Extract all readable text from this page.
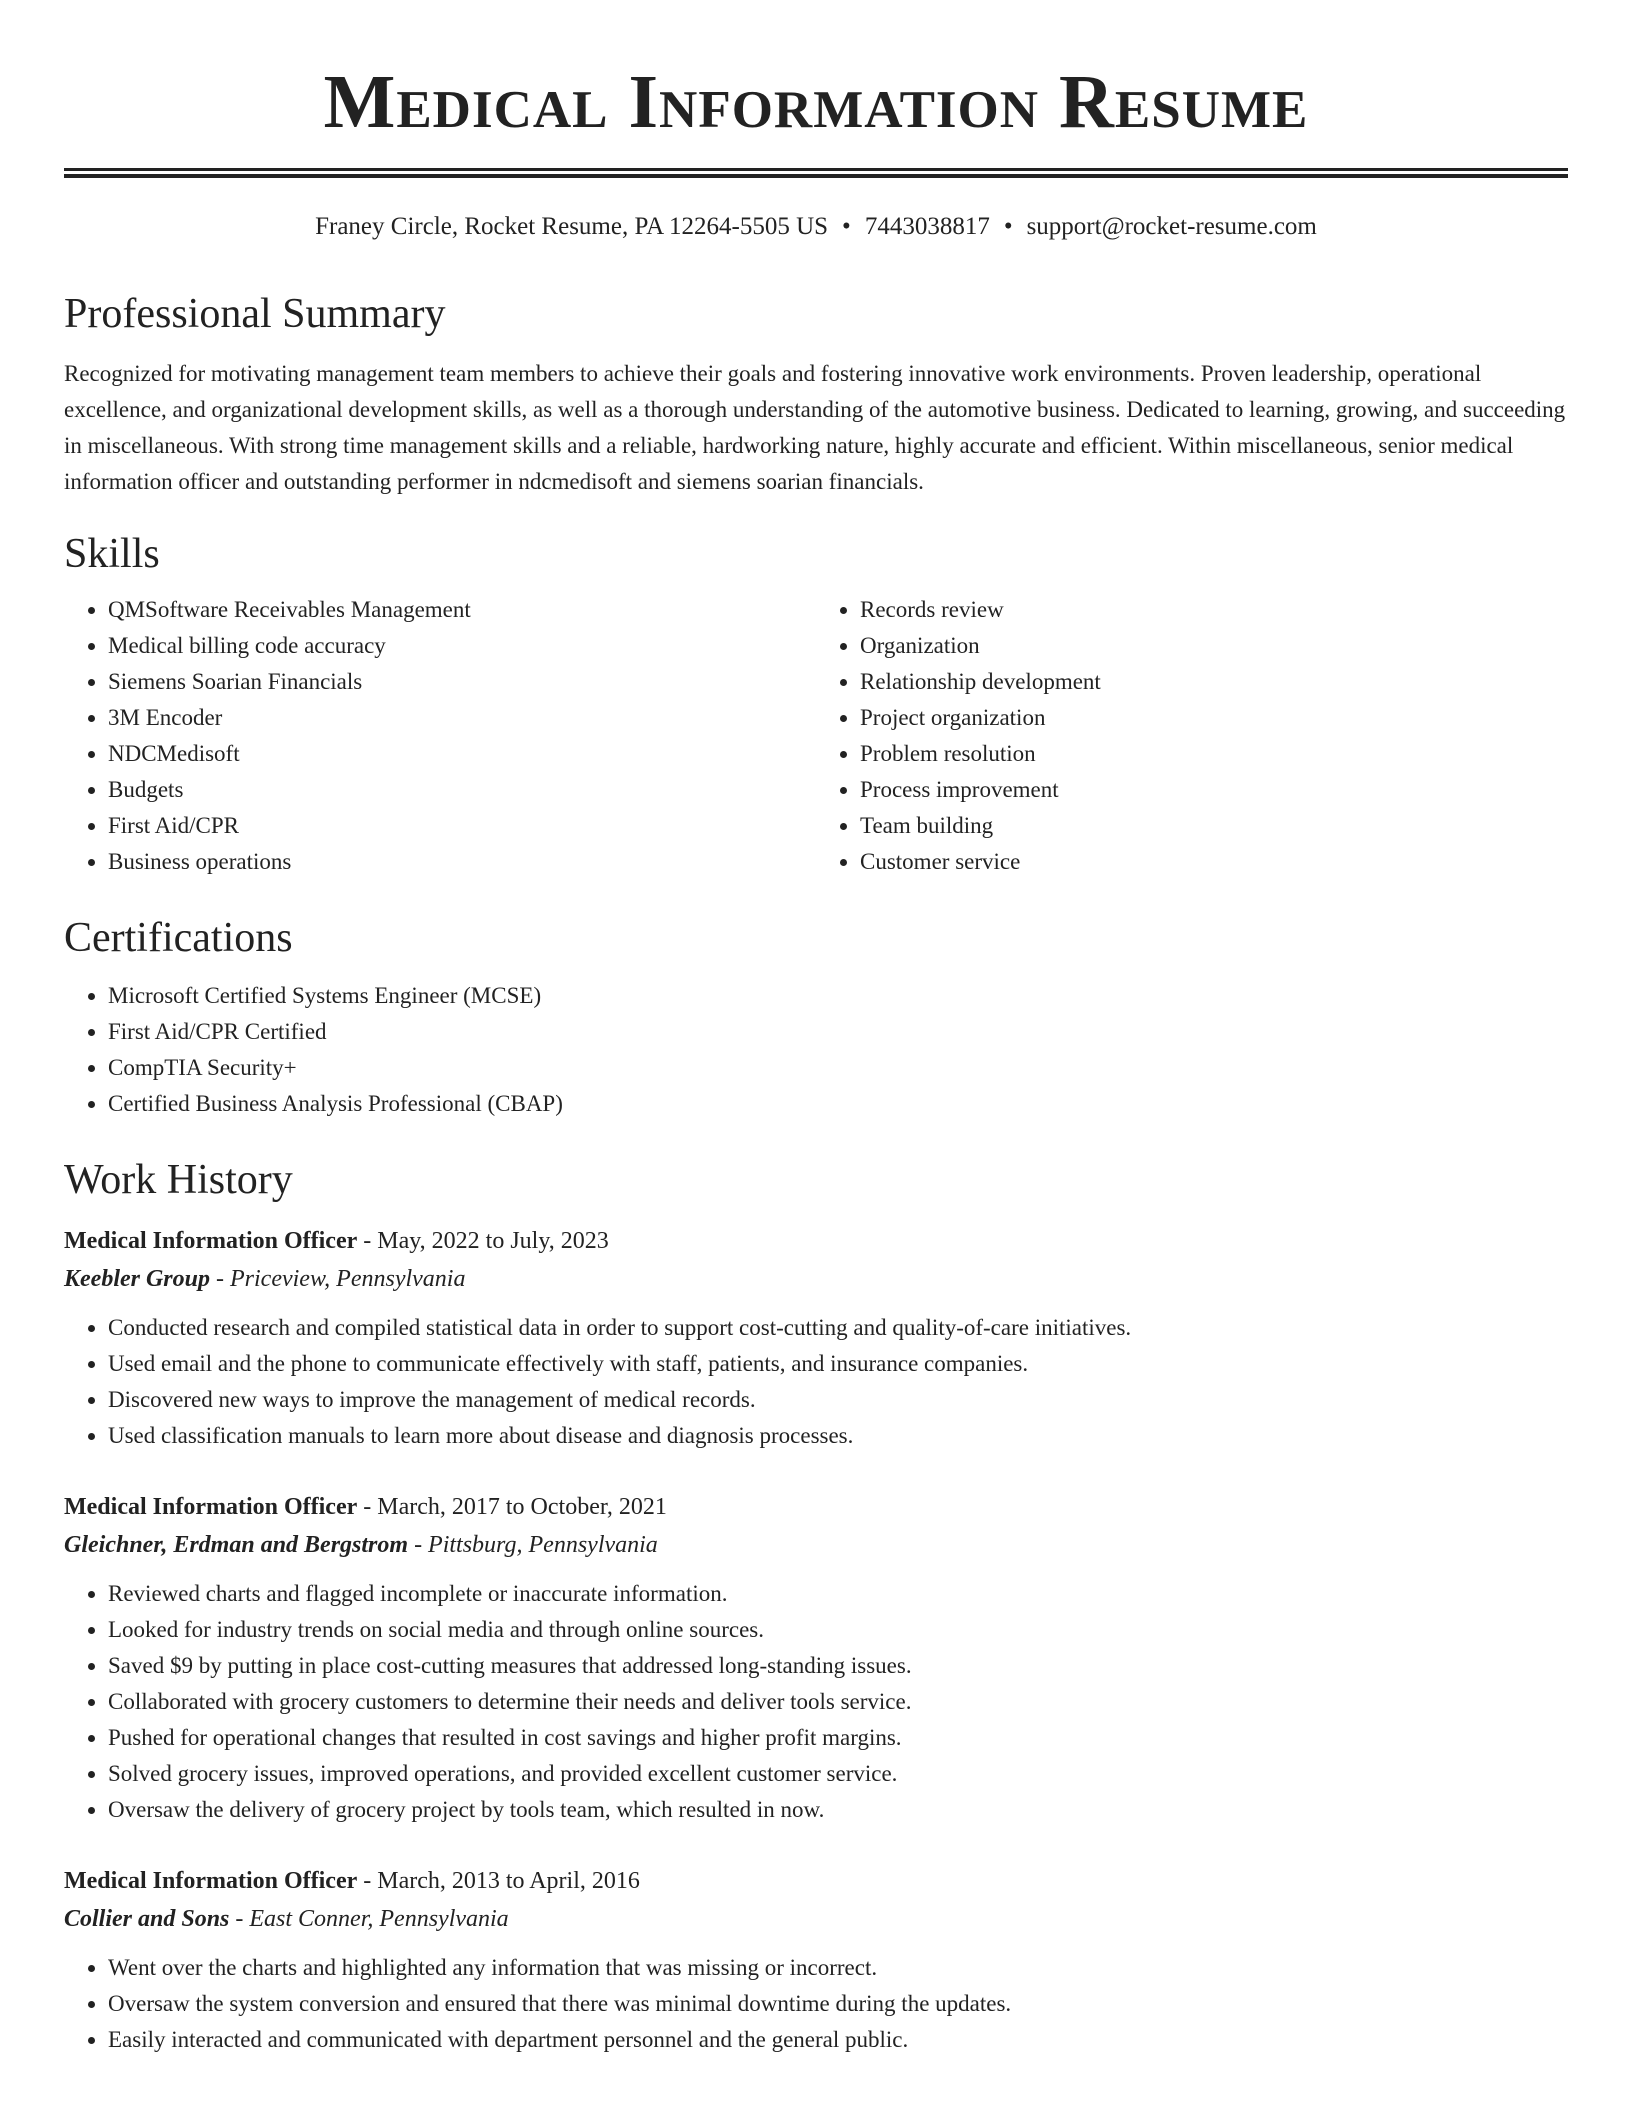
Medical Information Resume
Franey Circle, Rocket Resume, PA 12264-5505 US • 7443038817 • support@rocket-resume.com
Professional Summary

Recognized for motivating management team members to achieve their goals and fostering innovative work environments. Proven leadership, operational excellence, and organizational development skills, as well as a thorough understanding of the automotive business. Dedicated to learning, growing, and succeeding in miscellaneous. With strong time management skills and a reliable, hardworking nature, highly accurate and efficient. Within miscellaneous, senior medical information officer and outstanding performer in ndcmedisoft and siemens soarian financials.

Skills
• QMSoftware Receivables Management
• Medical billing code accuracy
• Siemens Soarian Financials
• 3M Encoder
• NDCMedisoft
• Budgets
• First Aid/CPR
• Business operations
• Records review
• Organization
• Relationship development
• Project organization
• Problem resolution
• Process improvement
• Team building
• Customer service
Certifications
• Microsoft Certified Systems Engineer (MCSE)
• First Aid/CPR Certified
• CompTIA Security+
• Certified Business Analysis Professional (CBAP)
Work History
Medical Information Officer - May, 2022 to July, 2023
Keebler Group - Priceview, Pennsylvania
• Conducted research and compiled statistical data in order to support cost-cutting and quality-of-care initiatives.
• Used email and the phone to communicate effectively with staff, patients, and insurance companies.
• Discovered new ways to improve the management of medical records.
• Used classification manuals to learn more about disease and diagnosis processes.
Medical Information Officer - March, 2017 to October, 2021
Gleichner, Erdman and Bergstrom - Pittsburg, Pennsylvania
• Reviewed charts and flagged incomplete or inaccurate information.
• Looked for industry trends on social media and through online sources.
• Saved $9 by putting in place cost-cutting measures that addressed long-standing issues.
• Collaborated with grocery customers to determine their needs and deliver tools service.
• Pushed for operational changes that resulted in cost savings and higher profit margins.
• Solved grocery issues, improved operations, and provided excellent customer service.
• Oversaw the delivery of grocery project by tools team, which resulted in now.
Medical Information Officer - March, 2013 to April, 2016
Collier and Sons - East Conner, Pennsylvania
• Went over the charts and highlighted any information that was missing or incorrect.
• Oversaw the system conversion and ensured that there was minimal downtime during the updates.
• Easily interacted and communicated with department personnel and the general public.
